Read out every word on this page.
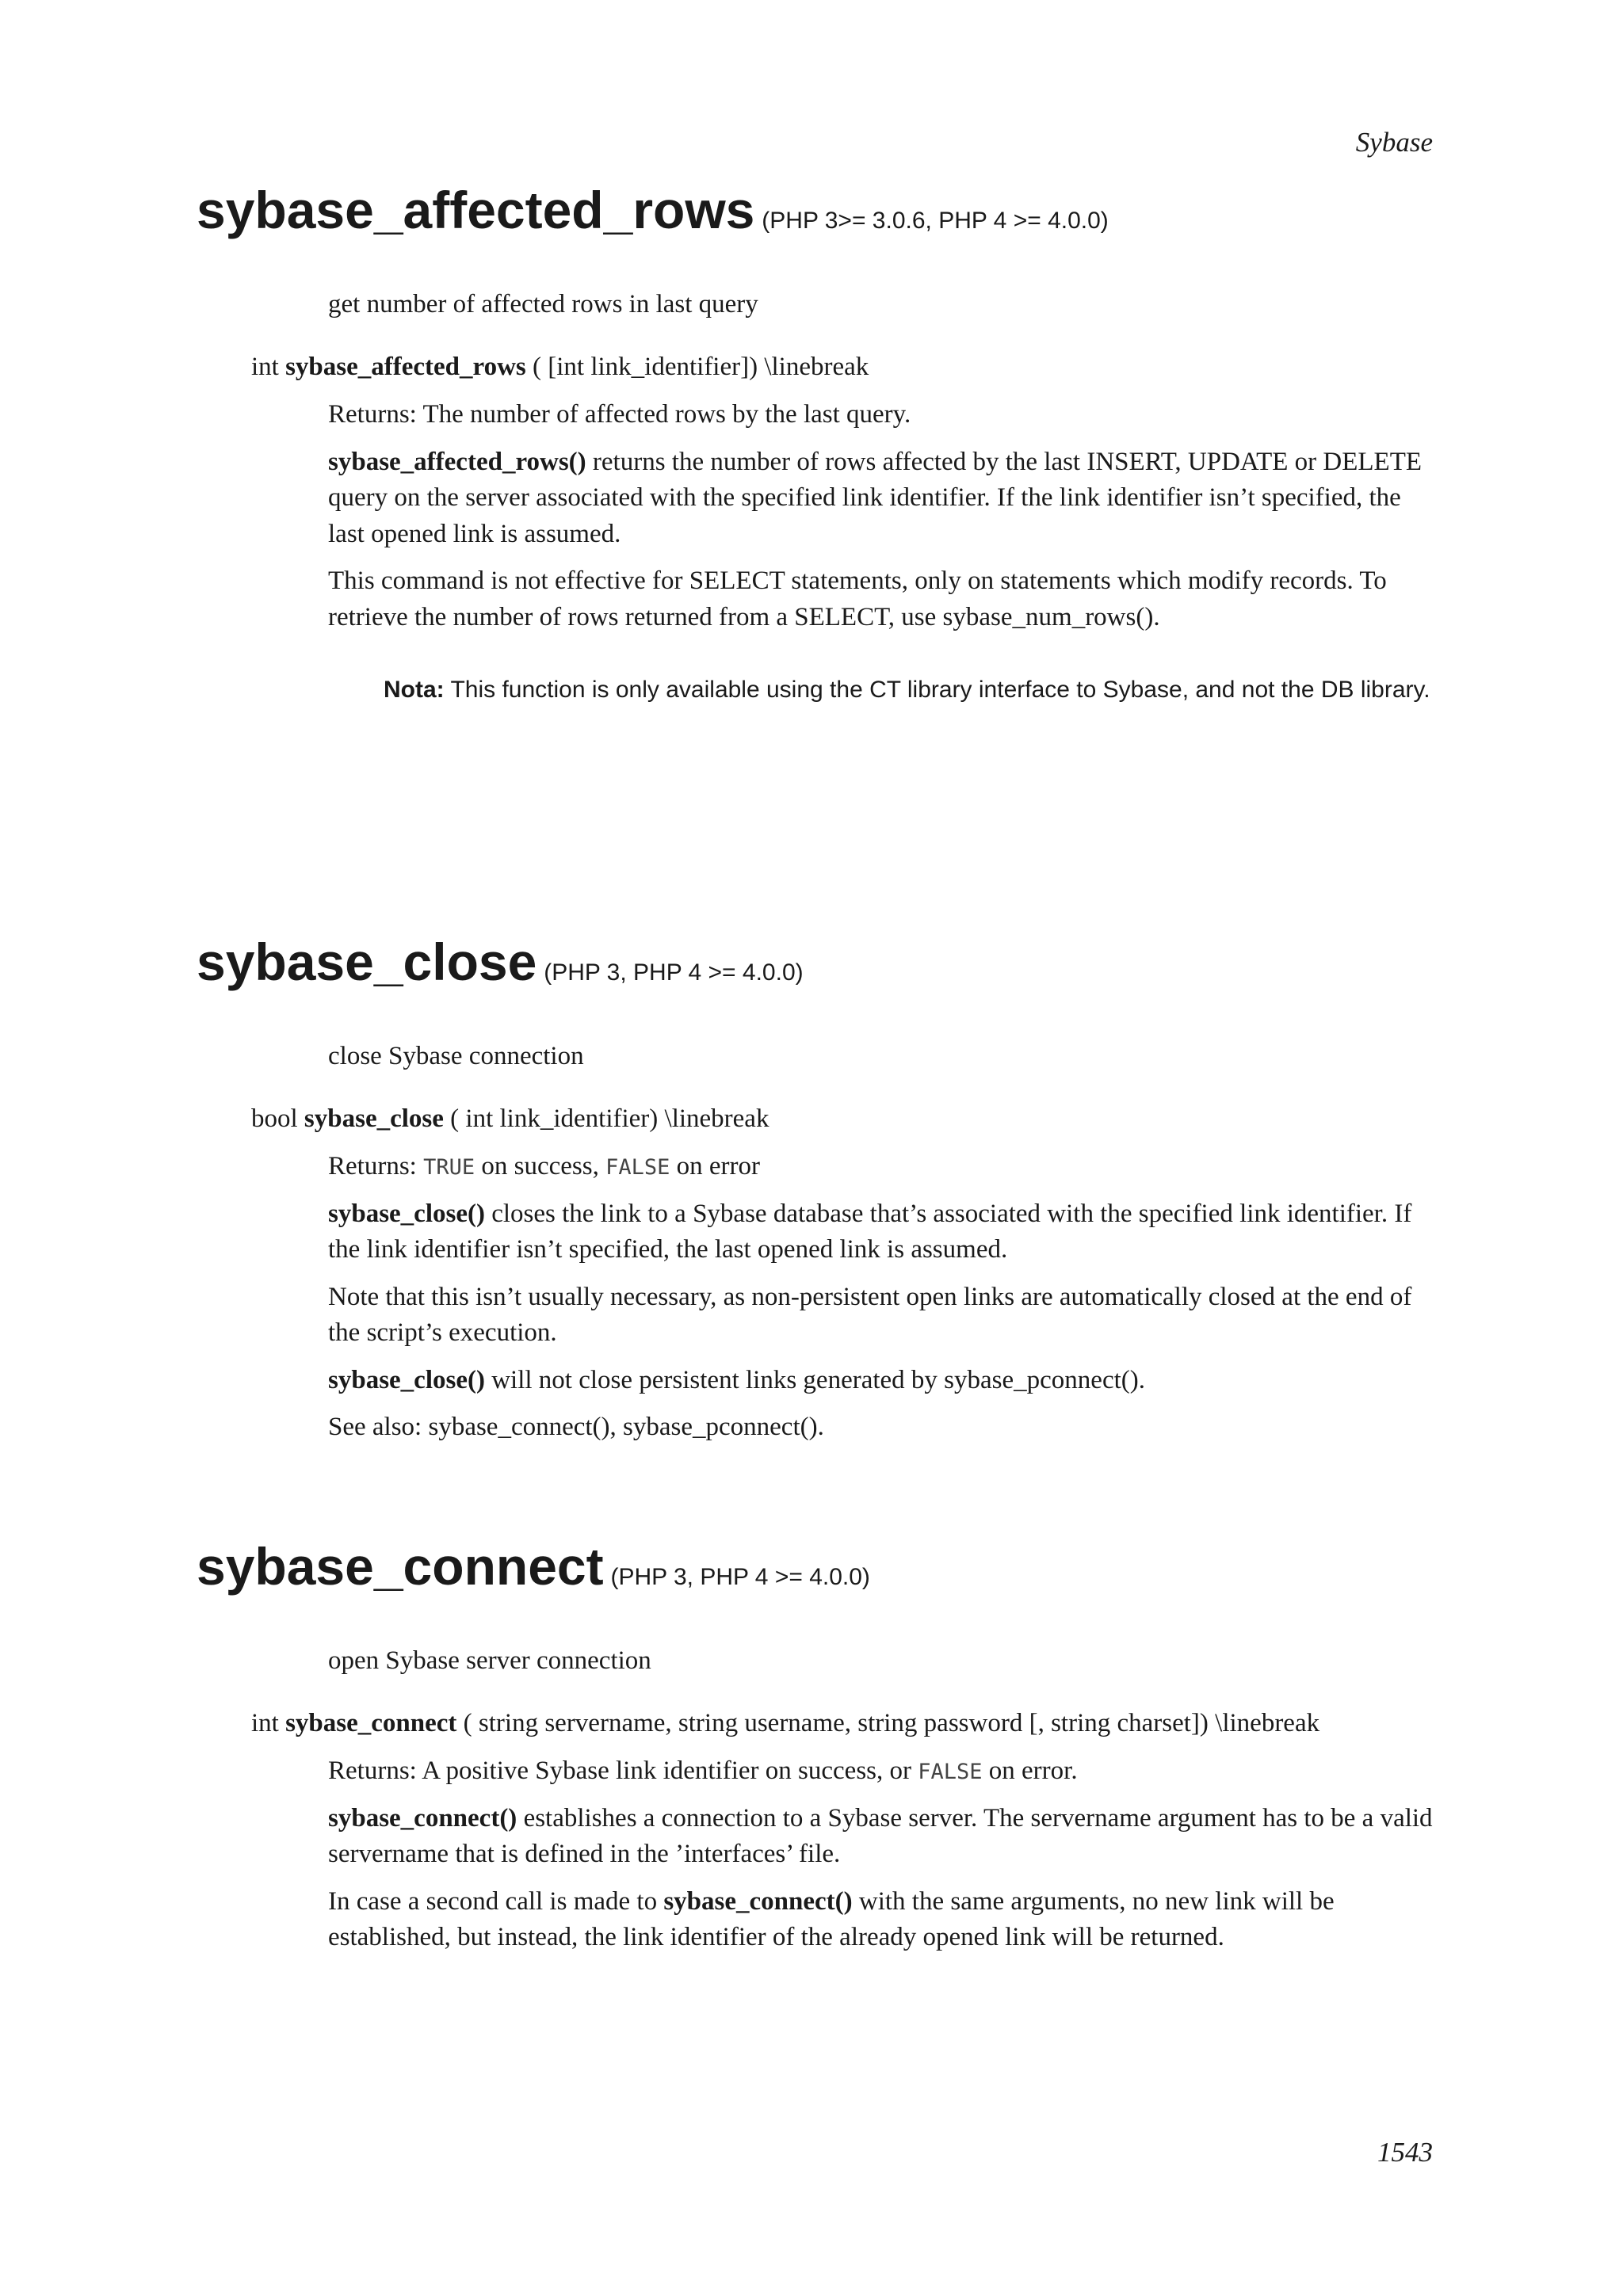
Sybase
sybase_affected_rows (PHP 3>= 3.0.6, PHP 4 >= 4.0.0)
get number of affected rows in last query
int sybase_affected_rows ( [int link_identifier]) \linebreak
Returns: The number of affected rows by the last query.
sybase_affected_rows() returns the number of rows affected by the last INSERT, UPDATE or DELETE query on the server associated with the specified link identifier. If the link identifier isn’t specified, the last opened link is assumed.
This command is not effective for SELECT statements, only on statements which modify records. To retrieve the number of rows returned from a SELECT, use sybase_num_rows().
Nota: This function is only available using the CT library interface to Sybase, and not the DB library.
sybase_close (PHP 3, PHP 4 >= 4.0.0)
close Sybase connection
bool sybase_close ( int link_identifier) \linebreak
Returns: TRUE on success, FALSE on error
sybase_close() closes the link to a Sybase database that’s associated with the specified link identifier. If the link identifier isn’t specified, the last opened link is assumed.
Note that this isn’t usually necessary, as non-persistent open links are automatically closed at the end of the script’s execution.
sybase_close() will not close persistent links generated by sybase_pconnect().
See also: sybase_connect(), sybase_pconnect().
sybase_connect (PHP 3, PHP 4 >= 4.0.0)
open Sybase server connection
int sybase_connect ( string servername, string username, string password [, string charset]) \linebreak
Returns: A positive Sybase link identifier on success, or FALSE on error.
sybase_connect() establishes a connection to a Sybase server. The servername argument has to be a valid servername that is defined in the ’interfaces’ file.
In case a second call is made to sybase_connect() with the same arguments, no new link will be established, but instead, the link identifier of the already opened link will be returned.
1543
